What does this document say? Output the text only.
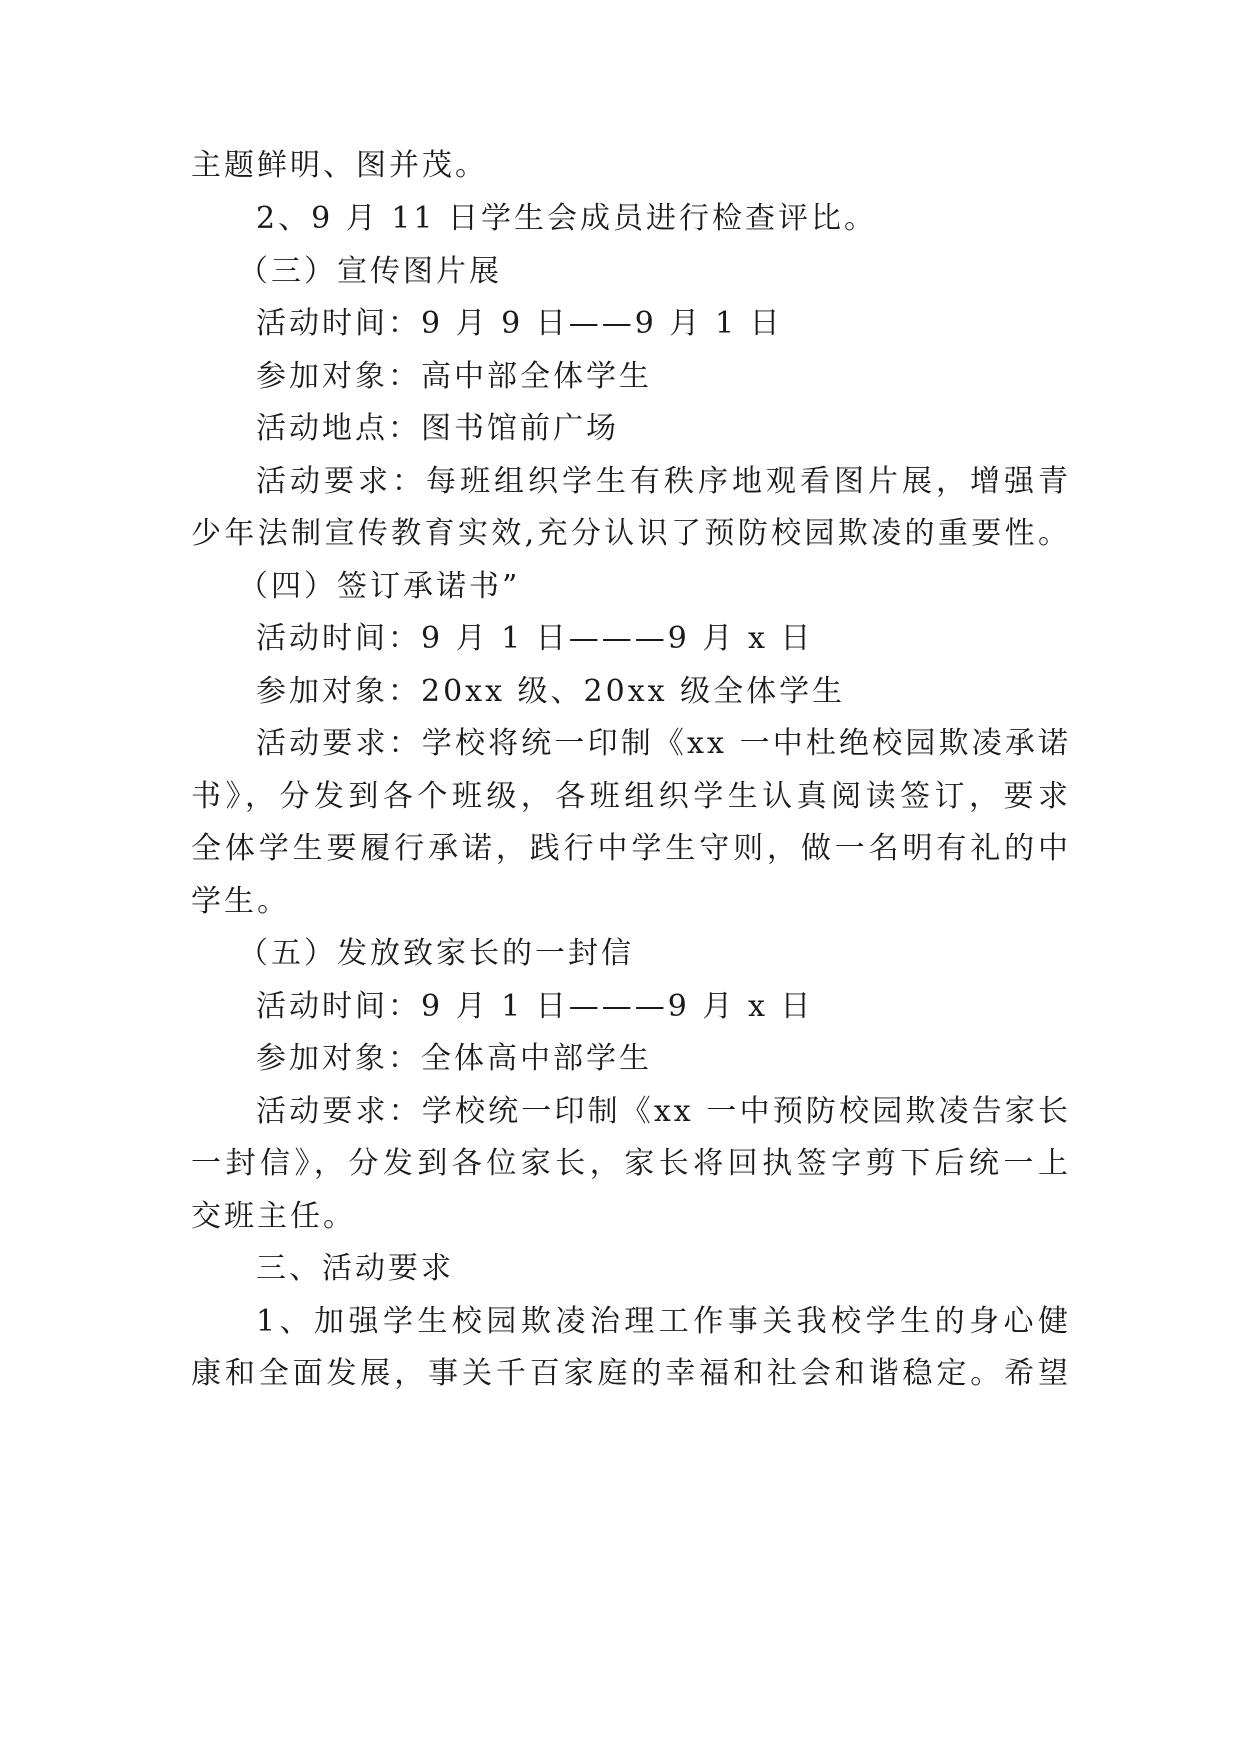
主题鲜明、图并茂。
2、9 月 11 日学生会成员进行检查评比。
（三）宣传图片展
活动时间：9 月 9 日——9 月 1 日
参加对象：高中部全体学生
活动地点：图书馆前广场
活动要求：每班组织学生有秩序地观看图片展，增强青
少年法制宣传教育实效,充分认识了预防校园欺凌的重要性。
（四）签订承诺书”
活动时间：9 月 1 日———9 月 x 日
参加对象：20xx 级、20xx 级全体学生
活动要求：学校将统一印制《xx 一中杜绝校园欺凌承诺
书》，分发到各个班级，各班组织学生认真阅读签订，要求
全体学生要履行承诺，践行中学生守则，做一名明有礼的中
学生。
（五）发放致家长的一封信
活动时间：9 月 1 日———9 月 x 日
参加对象：全体高中部学生
活动要求：学校统一印制《xx 一中预防校园欺凌告家长
一封信》，分发到各位家长，家长将回执签字剪下后统一上
交班主任。
三、活动要求
1、加强学生校园欺凌治理工作事关我校学生的身心健
康和全面发展，事关千百家庭的幸福和社会和谐稳定。希望
